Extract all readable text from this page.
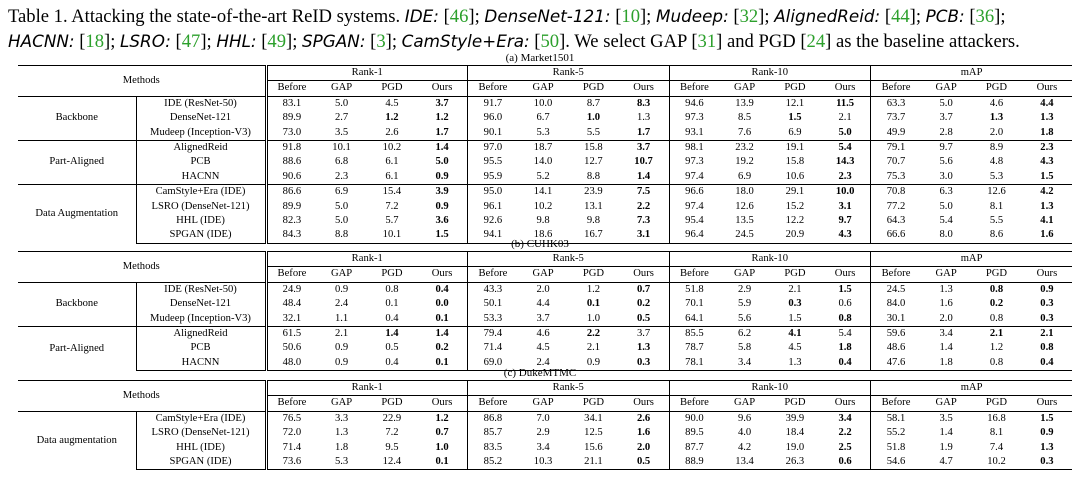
Table 1. Attacking the state-of-the-art ReID systems. IDE: [46]; DenseNet-121: [10]; Mudeep: [32]; AlignedReid: [44]; PCB: [36]; HACNN: [18]; LSRO: [47]; HHL: [49]; SPGAN: [3]; CamStyle+Era: [50]. We select GAP [31] and PGD [24] as the baseline attackers.
(a) Market1501
Methods		Rank-1				Rank-5				Rank-10				mAP			
		Before	GAP	PGD	Ours	Before	GAP	PGD	Ours	Before	GAP	PGD	Ours	Before	GAP	PGD	Ours
Backbone	IDE (ResNet-50)	83.1	5.0	4.5	3.7	91.7	10.0	8.7	8.3	94.6	13.9	12.1	11.5	63.3	5.0	4.6	4.4
	DenseNet-121	89.9	2.7	1.2	1.2	96.0	6.7	1.0	1.3	97.3	8.5	1.5	2.1	73.7	3.7	1.3	1.3
	Mudeep (Inception-V3)	73.0	3.5	2.6	1.7	90.1	5.3	5.5	1.7	93.1	7.6	6.9	5.0	49.9	2.8	2.0	1.8
Part-Aligned	AlignedReid	91.8	10.1	10.2	1.4	97.0	18.7	15.8	3.7	98.1	23.2	19.1	5.4	79.1	9.7	8.9	2.3
	PCB	88.6	6.8	6.1	5.0	95.5	14.0	12.7	10.7	97.3	19.2	15.8	14.3	70.7	5.6	4.8	4.3
	HACNN	90.6	2.3	6.1	0.9	95.9	5.2	8.8	1.4	97.4	6.9	10.6	2.3	75.3	3.0	5.3	1.5
Data Augmentation	CamStyle+Era (IDE)	86.6	6.9	15.4	3.9	95.0	14.1	23.9	7.5	96.6	18.0	29.1	10.0	70.8	6.3	12.6	4.2
	LSRO (DenseNet-121)	89.9	5.0	7.2	0.9	96.1	10.2	13.1	2.2	97.4	12.6	15.2	3.1	77.2	5.0	8.1	1.3
	HHL (IDE)	82.3	5.0	5.7	3.6	92.6	9.8	9.8	7.3	95.4	13.5	12.2	9.7	64.3	5.4	5.5	4.1
	SPGAN (IDE)	84.3	8.8	10.1	1.5	94.1	18.6	16.7	3.1	96.4	24.5	20.9	4.3	66.6	8.0	8.6	1.6
(b) CUHK03
Methods		Rank-1				Rank-5				Rank-10				mAP			
		Before	GAP	PGD	Ours	Before	GAP	PGD	Ours	Before	GAP	PGD	Ours	Before	GAP	PGD	Ours
Backbone	IDE (ResNet-50)	24.9	0.9	0.8	0.4	43.3	2.0	1.2	0.7	51.8	2.9	2.1	1.5	24.5	1.3	0.8	0.9
	DenseNet-121	48.4	2.4	0.1	0.0	50.1	4.4	0.1	0.2	70.1	5.9	0.3	0.6	84.0	1.6	0.2	0.3
	Mudeep (Inception-V3)	32.1	1.1	0.4	0.1	53.3	3.7	1.0	0.5	64.1	5.6	1.5	0.8	30.1	2.0	0.8	0.3
Part-Aligned	AlignedReid	61.5	2.1	1.4	1.4	79.4	4.6	2.2	3.7	85.5	6.2	4.1	5.4	59.6	3.4	2.1	2.1
	PCB	50.6	0.9	0.5	0.2	71.4	4.5	2.1	1.3	78.7	5.8	4.5	1.8	48.6	1.4	1.2	0.8
	HACNN	48.0	0.9	0.4	0.1	69.0	2.4	0.9	0.3	78.1	3.4	1.3	0.4	47.6	1.8	0.8	0.4
(c) DukeMTMC
Methods		Rank-1				Rank-5				Rank-10				mAP			
		Before	GAP	PGD	Ours	Before	GAP	PGD	Ours	Before	GAP	PGD	Ours	Before	GAP	PGD	Ours
Data augmentation	CamStyle+Era (IDE)	76.5	3.3	22.9	1.2	86.8	7.0	34.1	2.6	90.0	9.6	39.9	3.4	58.1	3.5	16.8	1.5
	LSRO (DenseNet-121)	72.0	1.3	7.2	0.7	85.7	2.9	12.5	1.6	89.5	4.0	18.4	2.2	55.2	1.4	8.1	0.9
	HHL (IDE)	71.4	1.8	9.5	1.0	83.5	3.4	15.6	2.0	87.7	4.2	19.0	2.5	51.8	1.9	7.4	1.3
	SPGAN (IDE)	73.6	5.3	12.4	0.1	85.2	10.3	21.1	0.5	88.9	13.4	26.3	0.6	54.6	4.7	10.2	0.3
